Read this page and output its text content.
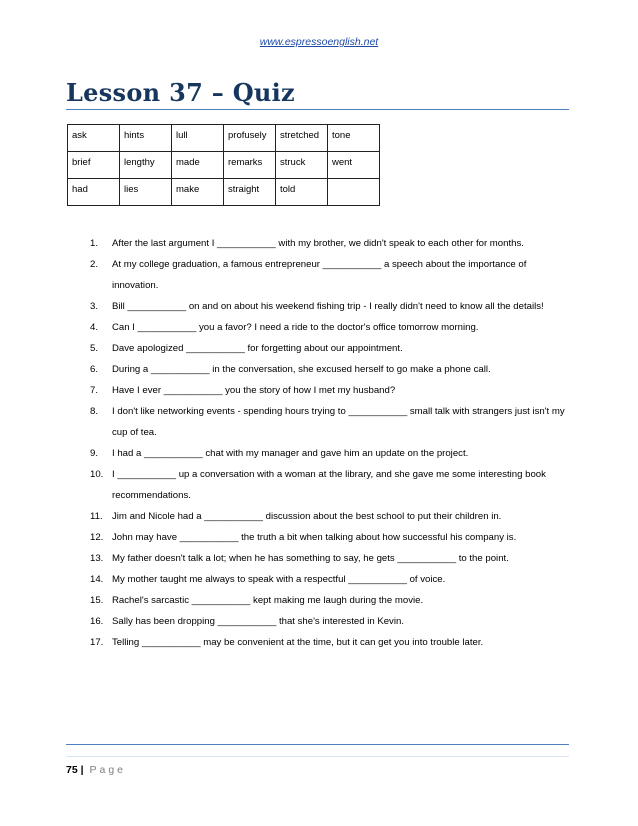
www.espressoenglish.net
Lesson 37 – Quiz
ask	hints	lull	profusely	stretched	tone

brief	lengthy	made	remarks	struck	went

had	lies	make	straight	told	

1. After the last argument I ___________ with my brother, we didn't speak to each other for months.
2. At my college graduation, a famous entrepreneur ___________ a speech about the importance of innovation.
3. Bill ___________ on and on about his weekend fishing trip - I really didn't need to know all the details!
4. Can I ___________ you a favor? I need a ride to the doctor's office tomorrow morning.
5. Dave apologized ___________ for forgetting about our appointment.
6. During a ___________ in the conversation, she excused herself to go make a phone call.
7. Have I ever ___________ you the story of how I met my husband?
8. I don't like networking events - spending hours trying to ___________ small talk with strangers just isn't my cup of tea.
9. I had a ___________ chat with my manager and gave him an update on the project.
10. I ___________ up a conversation with a woman at the library, and she gave me some interesting book recommendations.
11. Jim and Nicole had a ___________ discussion about the best school to put their children in.
12. John may have ___________ the truth a bit when talking about how successful his company is.
13. My father doesn't talk a lot; when he has something to say, he gets ___________ to the point.
14. My mother taught me always to speak with a respectful ___________ of voice.
15. Rachel's sarcastic ___________ kept making me laugh during the movie.
16. Sally has been dropping ___________ that she's interested in Kevin.
17. Telling ___________ may be convenient at the time, but it can get you into trouble later.
75 | Page
